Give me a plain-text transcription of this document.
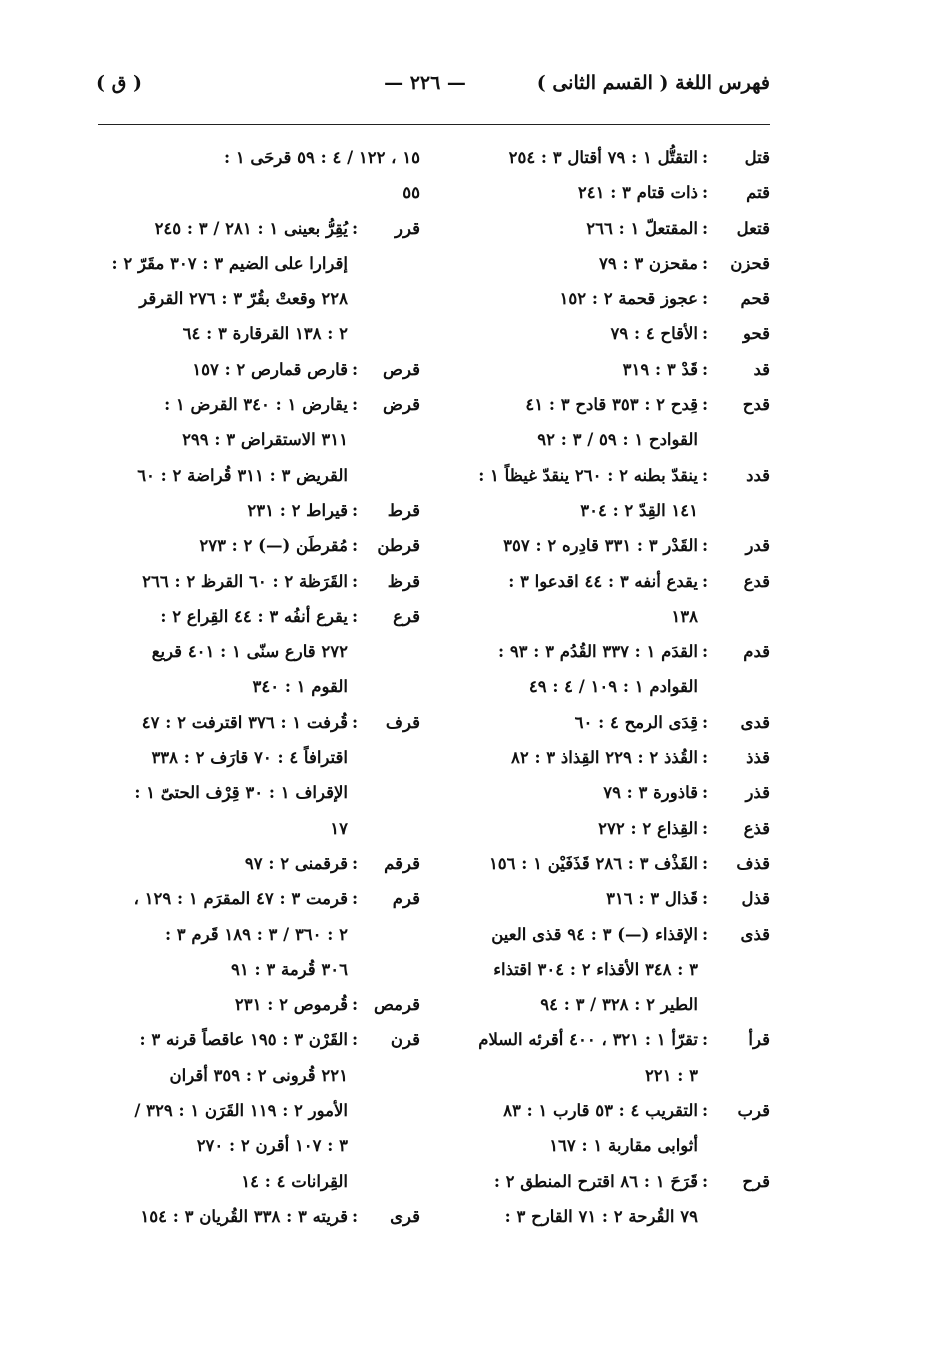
فهرس اللغة ( القسم الثانى )
— ٢٢٦ —
( ق )
قتل:التقتُّل ١ : ٧٩ أقتال ٣ : ٢٥٤
قتم:ذات قتام ٣ : ٢٤١
قتعل:المقتعلّ ١ : ٢٦٦
قحزن:مقحزن ٣ : ٧٩
قحم:عجوز قحمة ٢ : ١٥٢
قحو:الأقاح ٤ : ٧٩
قد:قَدْ ٣ : ٣١٩
قدح:قِدح ٢ : ٣٥٣ قادح ٣ : ٤١
القوادح ١ : ٥٩ / ٣ : ٩٢
قدد:ينقدّ بطنه ٢ : ٢٦٠ ينقدّ غيظاً ١ :
١٤١ القِدّ ٢ : ٣٠٤
قدر:القَدْر ٣ : ٣٣١ قادِره ٢ : ٣٥٧
قدع:يقدع أنفه ٣ : ٤٤ اقدعوا ٣ :
١٣٨
قدم:القدَم ١ : ٣٣٧ القُدُم ٣ : ٩٣ :
القوادم ١ : ١٠٩ / ٤ : ٤٩
قدى:قِدَى الرمح ٤ : ٦٠
قذذ:القُذذ ٢ : ٢٢٩ القِذاذ ٣ : ٨٢
قذر:قاذورة ٣ : ٧٩
قذع:القِذاع ٢ : ٢٧٢
قذف:القَذْف ٣ : ٢٨٦ قَذَفَيْن ١ : ١٥٦
قذل:قَذال ٣ : ٣١٦
قذى:الإقذاء (—) ٣ : ٩٤ قذى العين
٣ : ٣٤٨ الأقذاء ٢ : ٣٠٤ اقتذاء
الطير ٢ : ٣٢٨ / ٣ : ٩٤
قرأ:تقرّأ ١ : ٣٢١ ، ٤٠٠ أقرئه السلام
٣ : ٢٢١
قرب:التقريب ٤ : ٥٣ قارب ١ : ٨٣
أثوابى مقاربة ١ : ١٦٧
قرح:قَرَحَ ١ : ٨٦ اقترح المنطق ٢ :
٧٩ القُرحة ٢ : ٧١ القارح ٣ :
١٥ ، ١٢٢ / ٤ : ٥٩ قرحَى ١ :
٥٥
قرر:يُقِرُّ بعينى ١ : ٢٨١ / ٣ : ٢٤٥
إقرارا على الضيم ٣ : ٣٠٧ مقَرّ ٢ :
٢٢٨ وقعتْ بقُرّ ٣ : ٢٧٦ القرقر
٢ : ١٣٨ القرقارة ٣ : ٦٤
قرص:قارص قمارص ٢ : ١٥٧
قرض:يقارض ١ : ٣٤٠ القرض ١ :
٣١١ الاستقراض ٣ : ٢٩٩
القريض ٣ : ٣١١ قُراضة ٢ : ٦٠
قرط:قيراط ٢ : ٢٣١
قرطن:مُقرطَن (—) ٢ : ٢٧٣
قرظ:القَرَظة ٢ : ٦٠ القرظ ٢ : ٢٦٦
قرع:يقرع أنفُه ٣ : ٤٤ القِراع ٢ :
٢٧٢ قارع سنّى ١ : ٤٠١ قريع
القوم ١ : ٣٤٠
قرف:قُرفت ١ : ٣٧٦ اقترفت ٢ : ٤٧
اقترافاً ٤ : ٧٠ قارَف ٢ : ٣٣٨
الإقراف ١ : ٣٠ قِرْف الحتىّ ١ :
١٧
قرقم:قرقمنى ٢ : ٩٧
قرم:قرمت ٣ : ٤٧ المقرَم ١ : ١٢٩ ،
٢ : ٣٦٠ / ٣ : ١٨٩ قَرم ٣ :
٣٠٦ قُرمة ٣ : ٩١
قرمص:قُرموص ٢ : ٢٣١
قرن:القَرْن ٣ : ١٩٥ عاقصاً قرنه ٣ :
٢٢١ قُرونى ٢ : ٣٥٩ أقران
الأمور ٢ : ١١٩ القَرَن ١ : ٣٢٩ /
٣ : ١٠٧ أقرن ٢ : ٢٧٠
القِرانات ٤ : ١٤
قرى:قريته ٣ : ٣٣٨ القُريان ٣ : ١٥٤
